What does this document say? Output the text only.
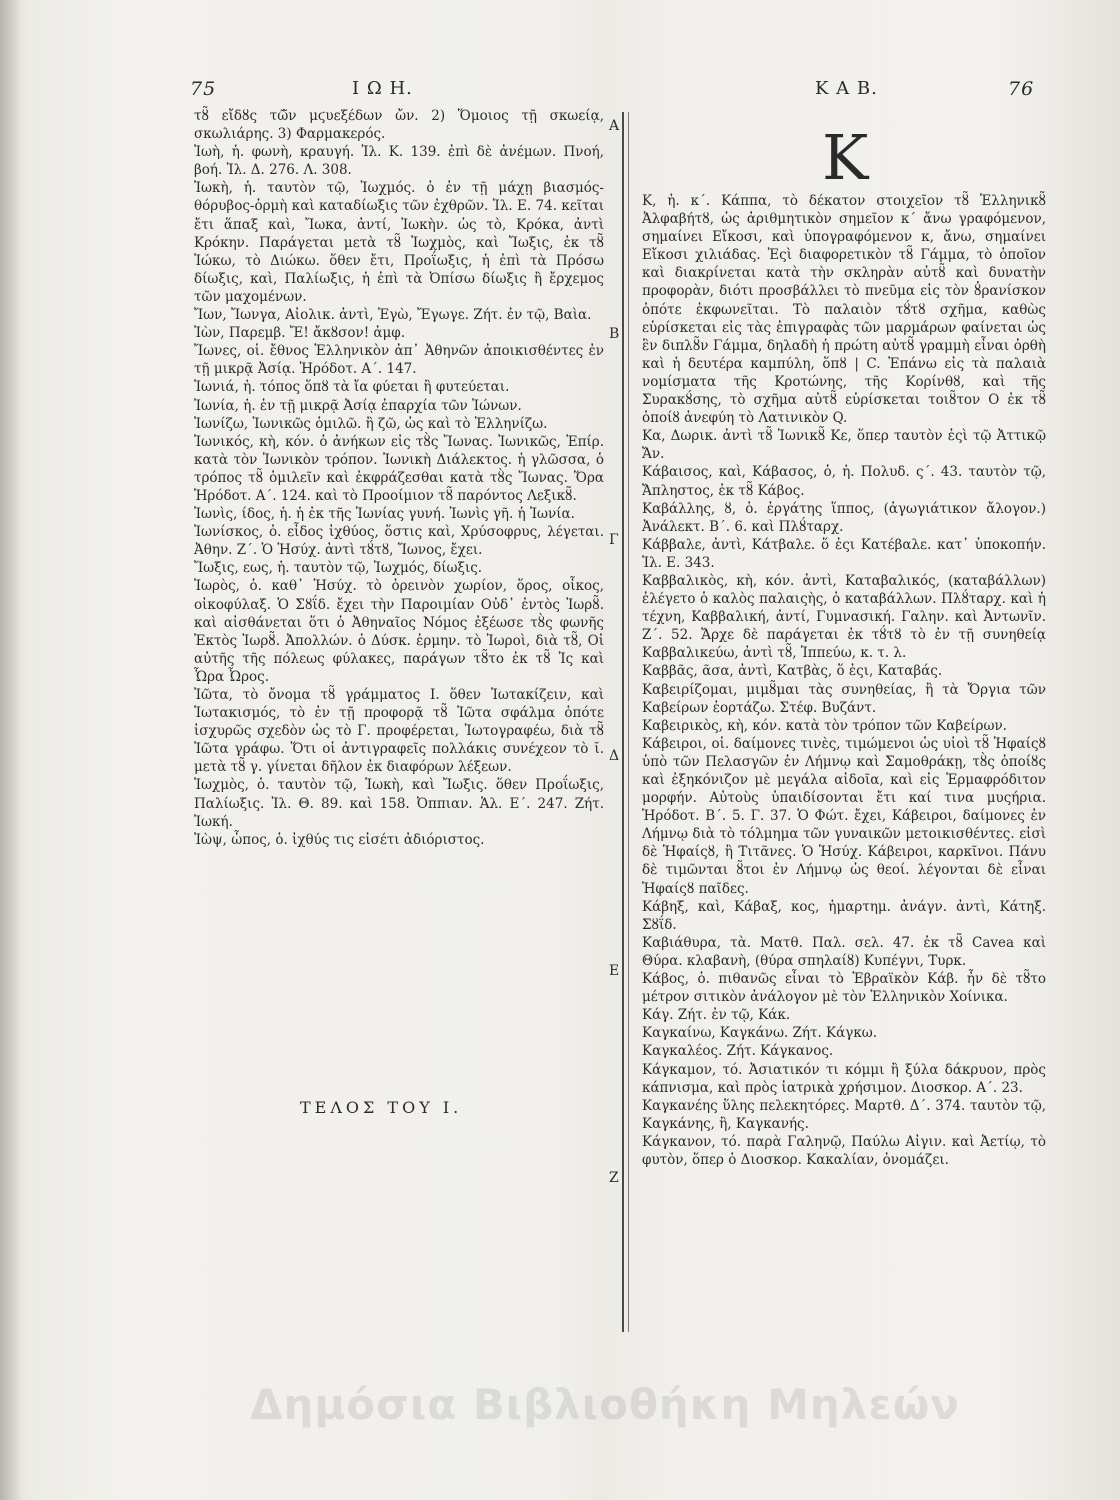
75	Ι Ω Η.	Κ Α Β.	76

τȣ̃ εἴδȣς τῶ̃ν μϛυεξέδων ὤν. 2) Ὅμοιος τῇ σκωείᾳ, σκωλιάρης. 3) Φαρμακερός.

Ἰωὴ, ἡ. φωνὴ, κραυγή. Ἰλ. Κ. 139. ἐπὶ δὲ ἀνέμων. Πνοή, βοή. Ἰλ. Δ. 276. Λ. 308.

Ἰωκὴ, ἡ. ταυτὸν τῷ, Ἰωχμός. ὁ ἐν τῇ μάχῃ βιασμός-θόρυβος-ὁρμὴ καὶ καταδίωξις τῶν ἐχθρῶν. Ἰλ. Ε. 74. κεῖται ἔτι ἅπαξ καὶ, Ἴωκα, ἀντί, Ἰωκὴν. ὡς τὸ, Κρόκα, ἀντὶ Κρόκην. Παράγεται μετὰ τȣ̃ Ἰωχμὸς, καὶ Ἴωξις, ἐκ τȣ̃ Ἰώκω, τὸ Διώκω. ὅθεν ἔτι, Προΐωξις, ἡ ἐπὶ τὰ Πρόσω δίωξις, καὶ, Παλίωξις, ἡ ἐπὶ τὰ Ὀπίσω δίωξις ἢ ἔρχεμος τῶν μαχομένων.

Ἴων, Ἴωνγα, Αἰολικ. ἀντὶ, Ἐγὼ, Ἔγωγε. Ζήτ. ἐν τῷ, Βαὶα.

Ἰὼν, Παρεμβ. Ἔ! ἄκȣσον! ἀμφ.

Ἴωνες, οἱ. ἔθνος Ἑλληνικὸν ἀπ᾽ Ἀθηνῶν ἀποικισθέντες ἐν τῇ μικρᾷ Ἀσίᾳ. Ἡρόδοτ. Α΄. 147.

Ἰωνιά, ἡ. τόπος ὅπȣ τὰ ἴα φύεται ἢ φυτεύεται.

Ἰωνία, ἡ. ἐν τῇ μικρᾷ Ἀσίᾳ ἐπαρχία τῶν Ἰώνων.

Ἰωνίζω, Ἰωνικῶς ὁμιλῶ. ἢ ζῶ, ὡς καὶ τὸ Ἑλληνίζω.

Ἰωνικός, κὴ, κόν. ὁ ἀνήκων εἰς τȣ̀ς Ἴωνας. Ἰωνικῶς, Ἐπίρ. κατὰ τὸν Ἰωνικὸν τρόπον. Ἰωνικὴ Διάλεκτος. ἡ γλῶσσα, ὁ τρόπος τȣ̃ ὁμιλεῖν καὶ ἐκφράζεσθαι κατὰ τȣ̀ς Ἴωνας. Ὅρα Ἡρόδοτ. Α΄. 124. καὶ τὸ Προοίμιον τȣ̃ παρόντος Λεξικȣ̃.

Ἰωνὶς, ίδος, ἡ. ἡ ἐκ τῆς Ἰωνίας γυνή. Ἰωνὶς γῆ. ἡ Ἰωνία.

Ἰωνίσκος, ὁ. εἶδος ἰχθύος, ὅστις καὶ, Χρύσοφρυς, λέγεται. Ἀθην. Ζ΄. Ὁ Ἡσύχ. ἀντὶ τȣ́τȣ, Ἴωνος, ἔχει.

Ἴωξις, εως, ἡ. ταυτὸν τῷ, Ἰωχμός, δίωξις.

Ἰωρὸς, ὁ. καθ᾽ Ἡσύχ. τὸ ὀρεινὸν χωρίον, ὅρος, οἶκος, οἰκοφύλαξ. Ὁ Σȣΐδ. ἔχει τὴν Παροιμίαν Οὐδ᾽ ἐντὸς Ἰωρȣ̃. καὶ αἰσθάνεται ὅτι ὁ Ἀθηναῖος Νόμος ἐξέωσε τȣ̀ς φωνῆς Ἐκτὸς Ἰωρȣ̃. Ἀπολλών. ὁ Δύσκ. ἑρμην. τὸ Ἰωροὶ, διὰ τȣ̃, Οἱ αὐτῆς τῆς πόλεως φύλακες, παράγων τȣ̃το ἐκ τȣ̃ Ἰς καὶ Ὧρα Ὦρος.

Ἰῶτα, τὸ ὄνομα τȣ̃ γράμματος Ι. ὅθεν Ἰωτακίζειν, καὶ Ἰωτακισμός, τὸ ἐν τῇ προφορᾷ τȣ̃ Ἰῶτα σφάλμα ὁπότε ἰσχυρῶς σχεδὸν ὡς τὸ Γ. προφέρεται, Ἰωτογραφέω, διὰ τȣ̃ Ἰῶτα γράφω. Ὅτι οἱ ἀντιγραφεῖς πολλάκις συνέχεον τὸ ῐ. μετὰ τȣ̃ γ. γίνεται δῆλον ἐκ διαφόρων λέξεων.

Ἰωχμὸς, ὁ. ταυτὸν τῷ, Ἰωκὴ, καὶ Ἴωξις. ὅθεν Προΐωξις, Παλίωξις. Ἰλ. Θ. 89. καὶ 158. Ὀππιαν. Ἁλ. Ε΄. 247. Ζήτ. Ἰωκή.

Ἰὼψ, ὦπος, ὁ. ἰχθύς τις εἰσέτι ἀδιόριστος.

ΤΕΛΟΣ ΤΟΥ Ι.
Α
Β
Γ
Δ
Ε
Ζ
Κ

Κ, ἡ. κ΄. Κάππα, τὸ δέκατον στοιχεῖον τȣ̃ Ἑλληνικȣ̃ Ἀλφαβήτȣ, ὡς ἀριθμητικὸν σημεῖον κ΄ ἄνω γραφόμενον, σημαίνει Εἴκοσι, καὶ ὑπογραφόμενον κ, ἄνω, σημαίνει Εἴκοσι χιλιάδας. Ἐςὶ διαφορετικὸν τȣ̃ Γάμμα, τὸ ὁποῖον καὶ διακρίνεται κατὰ τὴν σκληρὰν αὐτȣ̃ καὶ δυνατὴν προφορὰν, διότι προσβάλλει τὸ πνεῦμα εἰς τὸν ȣ̓ρανίσκον ὁπότε ἐκφωνεῖται. Τὸ παλαιὸν τȣ́τȣ σχῆμα, καθὼς εὑρίσκεται εἰς τὰς ἐπιγραφὰς τῶν μαρμάρων φαίνεται ὡς ἓν διπλȣ̃ν Γάμμα, δηλαδὴ ἡ πρώτη αὐτȣ̃ γραμμὴ εἶναι ὀρθὴ καὶ ἡ δευτέρα καμπύλη, ὅπȣ | C. Ἐπάνω εἰς τὰ παλαιὰ νομίσματα τῆς Κροτώνης, τῆς Κορίνθȣ, καὶ τῆς Συρακȣ́σης, τὸ σχῆμα αὐτȣ̃ εὑρίσκεται τοιȣ̃τον Ο ἐκ τȣ̃ ὁποίȣ ἀνεφύη τὸ Λατινικὸν Q.

Κα, Δωρικ. ἀντὶ τȣ̃ Ἰωνικȣ̃ Κε, ὅπερ ταυτὸν ἐςὶ τῷ Ἀττικῷ Ἄν.

Κάβαισος, καὶ, Κάβασος, ὁ, ἡ. Πολυδ. ς΄. 43. ταυτὸν τῷ, Ἄπληστος, ἐκ τȣ̃ Κάβος.

Καβάλλης, ȣ, ὁ. ἐργάτης ἵππος, (ἀγωγιάτικον ἄλογον.) Ἀνάλεκτ. Β΄. 6. καὶ Πλȣ́ταρχ.

Κάββαλε, ἀντὶ, Κάτβαλε. ὅ ἐςι Κατέβαλε. κατ᾽ ὑποκοπήν. Ἰλ. Ε. 343.

Καββαλικὸς, κὴ, κόν. ἀντὶ, Καταβαλικός, (καταβάλλων) ἐλέγετο ὁ καλὸς παλαιςὴς, ὁ καταβάλλων. Πλȣ́ταρχ. καὶ ἡ τέχνη, Καββαλική, ἀντί, Γυμνασική. Γαλην. καὶ Ἀντωνῖν. Ζ΄. 52. Ἄρχε δὲ παράγεται ἐκ τȣ́τȣ τὸ ἐν τῇ συνηθείᾳ Καββαλικεύω, ἀντὶ τȣ̃, Ἱππεύω, κ. τ. λ.

Καββᾶς, ᾶσα, ἀντὶ, Κατβὰς, ὅ ἐςι, Καταβάς.

Καβειρίζομαι, μιμȣ̃μαι τὰς συνηθείας, ἢ τὰ Ὄργια τῶν Καβείρων ἑορτάζω. Στέφ. Βυζάντ.

Καβειρικὸς, κὴ, κόν. κατὰ τὸν τρόπον τῶν Καβείρων.

Κάβειροι, οἱ. δαίμονες τινὲς, τιμώμενοι ὡς υἱοὶ τȣ̃ Ἡφαίςȣ ὑπὸ τῶν Πελασγῶν ἐν Λήμνῳ καὶ Σαμοθράκῃ, τȣ̀ς ὁποίȣς καὶ ἐξηκόνιζον μὲ μεγάλα αἰδοῖα, καὶ εἰς Ἑρμαφρόδιτον μορφήν. Αὐτοὺς ὑπαιδίσονται ἔτι καί τινα μυςήρια. Ἡρόδοτ. Β΄. 5. Γ. 37. Ὁ Φώτ. ἔχει, Κάβειροι, δαίμονες ἐν Λήμνῳ διὰ τὸ τόλμημα τῶν γυναικῶν μετοικισθέντες. εἰσὶ δὲ Ἡφαίςȣ, ἢ Τιτᾶνες. Ὁ Ἡσύχ. Κάβειροι, καρκῖνοι. Πάνυ δὲ τιμῶνται ȣ̃τοι ἐν Λήμνῳ ὡς θεοί. λέγονται δὲ εἶναι Ἡφαίςȣ παῖδες.

Κάβηξ, καὶ, Κάβαξ, κος, ἡμαρτημ. ἀνάγν. ἀντὶ, Κάτηξ. Σȣΐδ.

Καβιάθυρα, τὰ. Ματθ. Παλ. σελ. 47. ἐκ τȣ̃ Cavea καὶ Θύρα. κλαβανὴ, (θύρα σπηλαίȣ) Κυπέγνι, Τυρκ.

Κάβος, ὁ. πιθανῶς εἶναι τὸ Ἑβραϊκὸν Κάβ. ἦν δὲ τȣ̃το μέτρον σιτικὸν ἀνάλογον μὲ τὸν Ἑλληνικὸν Χοίνικα.

Κάγ. Ζήτ. ἐν τῷ, Κάκ.

Καγκαίνω, Καγκάνω. Ζήτ. Κάγκω.

Καγκαλέος. Ζήτ. Κάγκανος.

Κάγκαμον, τό. Ἀσιατικόν τι κόμμι ἢ ξύλα δάκρυον, πρὸς κάπνισμα, καὶ πρὸς ἰατρικὰ χρήσιμον. Διοσκορ. Α΄. 23.

Καγκανέης ὕλης πελεκητόρες. Μαρτθ. Δ΄. 374. ταυτὸν τῷ, Καγκάνης, ἢ, Καγκανής.

Κάγκανον, τό. παρὰ Γαληνῷ, Παύλω Αἰγιν. καὶ Ἀετίῳ, τὸ φυτὸν, ὅπερ ὁ Διοσκορ. Κακαλίαν, ὀνομάζει.

Δημόσια Βιβλιοθήκη Μηλεών
